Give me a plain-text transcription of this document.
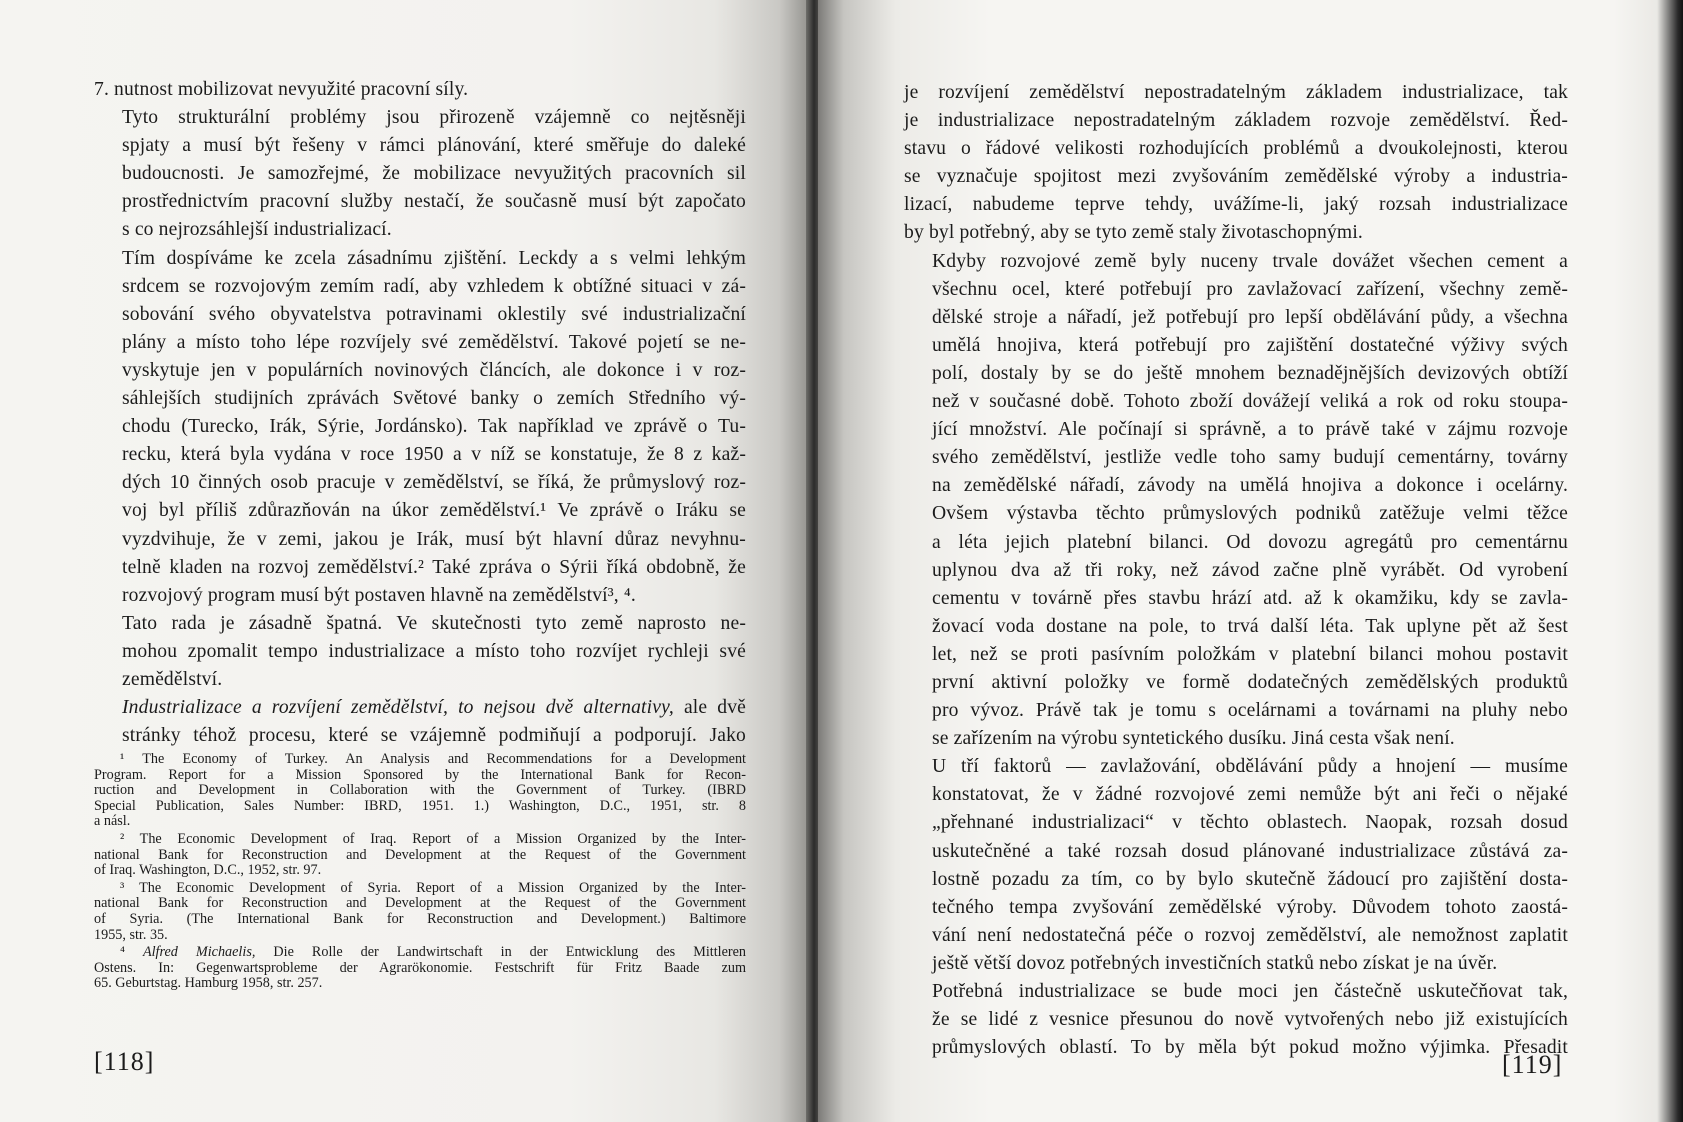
7. nutnost mobilizovat nevyužité pracovní síly.

Tyto strukturální problémy jsou přirozeně vzájemně co nejtěsněji
spjaty a musí být řešeny v rámci plánování, které směřuje do daleké
budoucnosti. Je samozřejmé, že mobilizace nevyužitých pracovních sil
prostřednictvím pracovní služby nestačí, že současně musí být započato
s co nejrozsáhlejší industrializací.

Tím dospíváme ke zcela zásadnímu zjištění. Leckdy a s velmi lehkým
srdcem se rozvojovým zemím radí, aby vzhledem k obtížné situaci v zá-
sobování svého obyvatelstva potravinami oklestily své industrializační
plány a místo toho lépe rozvíjely své zemědělství. Takové pojetí se ne-
vyskytuje jen v populárních novinových článcích, ale dokonce i v roz-
sáhlejších studijních zprávách Světové banky o zemích Středního vý-
chodu (Turecko, Irák, Sýrie, Jordánsko). Tak například ve zprávě o Tu-
recku, která byla vydána v roce 1950 a v níž se konstatuje, že 8 z kaž-
dých 10 činných osob pracuje v zemědělství, se říká, že průmyslový roz-
voj byl příliš zdůrazňován na úkor zemědělství.¹ Ve zprávě o Iráku se
vyzdvihuje, že v zemi, jakou je Irák, musí být hlavní důraz nevyhnu-
telně kladen na rozvoj zemědělství.² Také zpráva o Sýrii říká obdobně, že
rozvojový program musí být postaven hlavně na zemědělství³, ⁴.

Tato rada je zásadně špatná. Ve skutečnosti tyto země naprosto ne-
mohou zpomalit tempo industrializace a místo toho rozvíjet rychleji své
zemědělství.

Industrializace a rozvíjení zemědělství, to nejsou dvě alternativy, ale dvě
stránky téhož procesu, které se vzájemně podmiňují a podporují. Jako

¹ The Economy of Turkey. An Analysis and Recommendations for a Development
Program. Report for a Mission Sponsored by the International Bank for Recon-
ruction and Development in Collaboration with the Government of Turkey. (IBRD
Special Publication, Sales Number: IBRD, 1951. 1.) Washington, D.C., 1951, str. 8
a násl.
² The Economic Development of Iraq. Report of a Mission Organized by the Inter-
national Bank for Reconstruction and Development at the Request of the Government
of Iraq. Washington, D.C., 1952, str. 97.
³ The Economic Development of Syria. Report of a Mission Organized by the Inter-
national Bank for Reconstruction and Development at the Request of the Government
of Syria. (The International Bank for Reconstruction and Development.) Baltimore
1955, str. 35.
⁴ Alfred Michaelis, Die Rolle der Landwirtschaft in der Entwicklung des Mittleren
Ostens. In: Gegenwartsprobleme der Agrarökonomie. Festschrift für Fritz Baade zum
65. Geburtstag. Hamburg 1958, str. 257.
[118]

je rozvíjení zemědělství nepostradatelným základem industrializace, tak
je industrializace nepostradatelným základem rozvoje zemědělství. Řed-
stavu o řádové velikosti rozhodujících problémů a dvoukolejnosti, kterou
se vyznačuje spojitost mezi zvyšováním zemědělské výroby a industria-
lizací, nabudeme teprve tehdy, uvážíme-li, jaký rozsah industrializace
by byl potřebný, aby se tyto země staly životaschopnými.

Kdyby rozvojové země byly nuceny trvale dovážet všechen cement a
všechnu ocel, které potřebují pro zavlažovací zařízení, všechny země-
dělské stroje a nářadí, jež potřebují pro lepší obdělávání půdy, a všechna
umělá hnojiva, která potřebují pro zajištění dostatečné výživy svých
polí, dostaly by se do ještě mnohem beznadějnějších devizových obtíží
než v současné době. Tohoto zboží dovážejí veliká a rok od roku stoupa-
jící množství. Ale počínají si správně, a to právě také v zájmu rozvoje
svého zemědělství, jestliže vedle toho samy budují cementárny, továrny
na zemědělské nářadí, závody na umělá hnojiva a dokonce i ocelárny.
Ovšem výstavba těchto průmyslových podniků zatěžuje velmi těžce
a léta jejich platební bilanci. Od dovozu agregátů pro cementárnu
uplynou dva až tři roky, než závod začne plně vyrábět. Od vyrobení
cementu v továrně přes stavbu hrází atd. až k okamžiku, kdy se zavla-
žovací voda dostane na pole, to trvá další léta. Tak uplyne pět až šest
let, než se proti pasívním položkám v platební bilanci mohou postavit
první aktivní položky ve formě dodatečných zemědělských produktů
pro vývoz. Právě tak je tomu s ocelárnami a továrnami na pluhy nebo
se zařízením na výrobu syntetického dusíku. Jiná cesta však není.

U tří faktorů — zavlažování, obdělávání půdy a hnojení — musíme
konstatovat, že v žádné rozvojové zemi nemůže být ani řeči o nějaké
„přehnané industrializaci“ v těchto oblastech. Naopak, rozsah dosud
uskutečněné a také rozsah dosud plánované industrializace zůstává za-
lostně pozadu za tím, co by bylo skutečně žádoucí pro zajištění dosta-
tečného tempa zvyšování zemědělské výroby. Důvodem tohoto zaostá-
vání není nedostatečná péče o rozvoj zemědělství, ale nemožnost zaplatit
ještě větší dovoz potřebných investičních statků nebo získat je na úvěr.

Potřebná industrializace se bude moci jen částečně uskutečňovat tak,
že se lidé z vesnice přesunou do nově vytvořených nebo již existujících
průmyslových oblastí. To by měla být pokud možno výjimka. Přesadit

[119]
